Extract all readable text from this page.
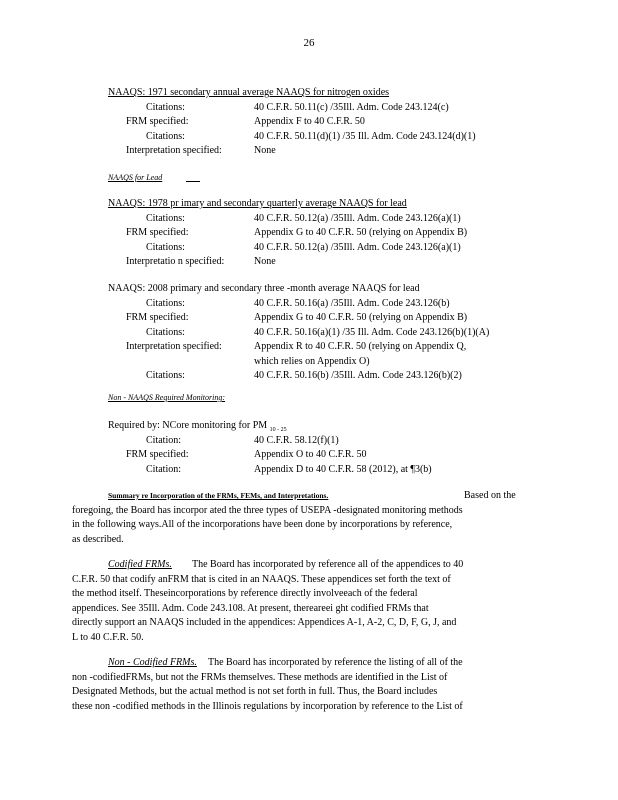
26
NAAQS: 1971 secondary annual average NAAQS for nitrogen oxides
Citations:	40 C.F.R. 50.11(c) /35Ill. Adm. Code 243.124(c)
FRM specified:	Appendix F to 40 C.F.R. 50
Citations:	40 C.F.R. 50.11(d)(1) /35 Ill. Adm. Code 243.124(d)(1)
Interpretation specified:	None
NAAQS for Lead
NAAQS: 1978 pr imary and secondary quarterly average NAAQS for lead
Citations:	40 C.F.R. 50.12(a) /35Ill. Adm. Code 243.126(a)(1)
FRM specified:	Appendix G to 40 C.F.R. 50 (relying on Appendix B)
Citations:	40 C.F.R. 50.12(a) /35Ill. Adm. Code 243.126(a)(1)
Interpretatio n specified:	None
NAAQS: 2008 primary and secondary three -month average NAAQS for lead
Citations:	40 C.F.R. 50.16(a) /35Ill. Adm. Code 243.126(b)
FRM specified:	Appendix G to 40 C.F.R. 50 (relying on Appendix B)
Citations:	40 C.F.R. 50.16(a)(1) /35 Ill. Adm. Code 243.126(b)(1)(A)
Interpretation specified:	Appendix R to 40 C.F.R. 50 (relying on Appendix Q,
which relies on Appendix O)
Citations:	40 C.F.R. 50.16(b) /35Ill. Adm. Code 243.126(b)(2)
Non - NAAQS Required Monitoring:
Required by: NCore monitoring for PM $_{10 - 25}$
Citation:	40 C.F.R. 58.12(f)(1)
FRM specified:	Appendix O to 40 C.F.R. 50
Citation:	Appendix D to 40 C.F.R. 58 (2012), at ¶3(b)
Summary re Incorporation of the FRMs, FEMs, and Interpretations.	Based on the
foregoing, the Board has incorpor ated the three types of USEPA -designated monitoring methods
in the following ways.All of the incorporations have been done by incorporations by reference,
as described.
Codified FRMs. The Board has incorporated by reference all of the appendices to 40
C.F.R. 50 that codify anFRM that is cited in an NAAQS. These appendices set forth the text of
the method itself. Theseincorporations by reference directly involveeach of the federal
appendices. See 35Ill. Adm. Code 243.108. At present, thereareei ght codified FRMs that
directly support an NAAQS included in the appendices: Appendices A-1, A-2, C, D, F, G, J, and
L to 40 C.F.R. 50.
Non - Codified FRMs. The Board has incorporated by reference the listing of all of the
non -codifiedFRMs, but not the FRMs themselves. These methods are identified in the List of
Designated Methods, but the actual method is not set forth in full. Thus, the Board includes
these non -codified methods in the Illinois regulations by incorporation by reference to the List of
